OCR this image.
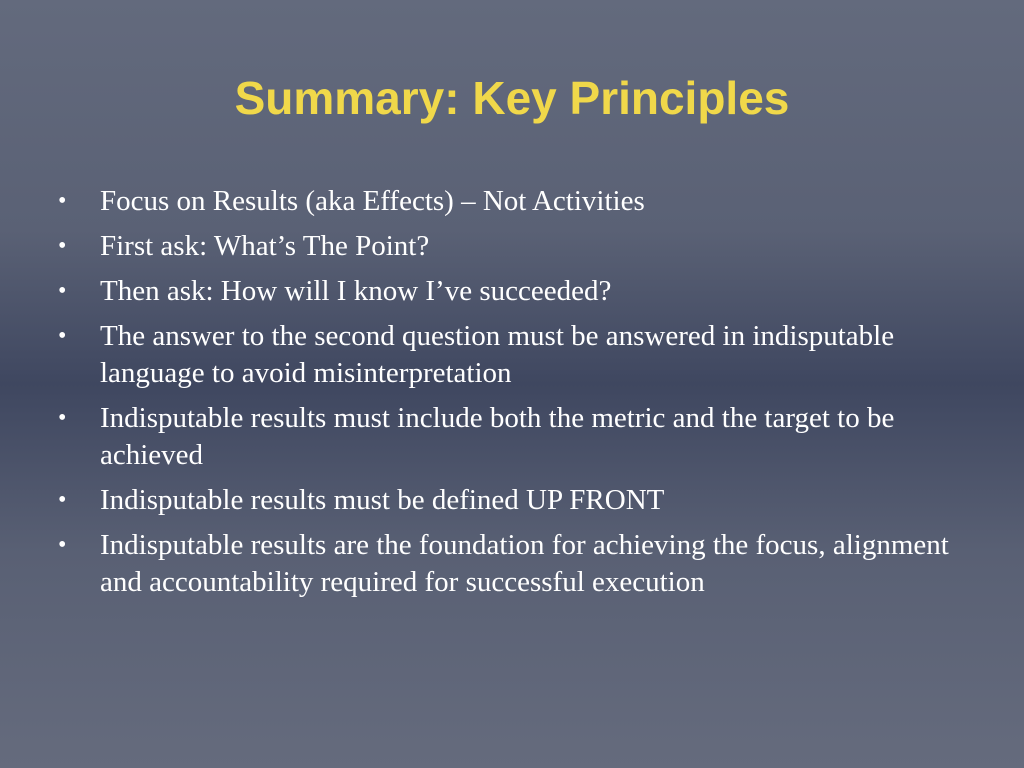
Summary: Key Principles
•	Focus on Results (aka Effects) – Not Activities
•	First ask: What’s The Point?
•	Then ask: How will I know I’ve succeeded?
•	The answer to the second question must be answered in indisputable language to avoid misinterpretation
•	Indisputable results must include both the metric and the target to be achieved
•	Indisputable results must be defined UP FRONT
•	Indisputable results are the foundation for achieving the focus, alignment and accountability required for successful execution
